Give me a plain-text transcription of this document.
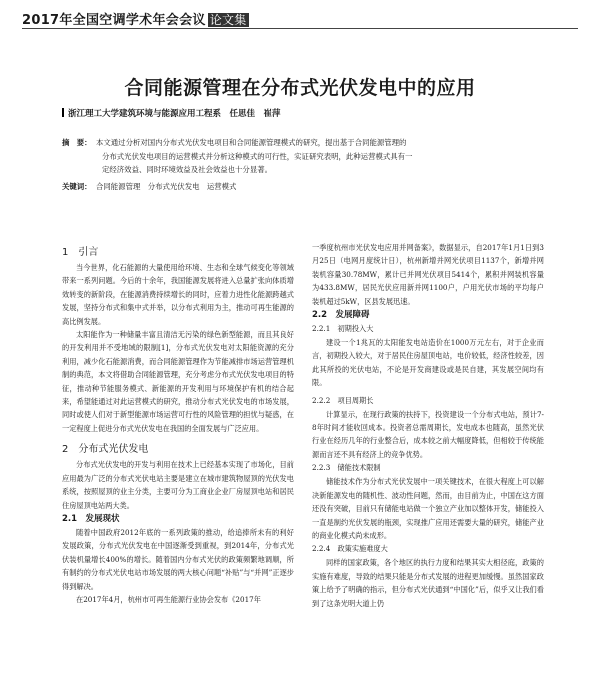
2017年全国空调学术年会会议 论文集
合同能源管理在分布式光伏发电中的应用
浙江理工大学建筑环境与能源应用工程系　任思佳　崔萍
摘　要： 本文通过分析对国内分布式光伏发电项目和合同能源管理模式的研究，提出基于合同能源管理的
分布式光伏发电项目的运营模式并分析这种模式的可行性，实证研究表明，此种运营模式具有一
定经济效益、同时环境效益及社会效益也十分显著。
关键词： 合同能源管理　分布式光伏发电　运营模式

1　引言

当今世界，化石能源的大量使用给环境、生态和全球气候变化等领域带来一系列问题。今后的十余年，我国能源发展将进入总量扩张向体质增效转变的新阶段，在能源消费持续增长的同时，应着力进性化能源跨越式发展，坚持分布式和集中式并举，以分布式利用为主，推动可再生能源的高比例发展。

太阳能作为一种储量丰富且清洁无污染的绿色新型能源，而且其良好的开发利用并不受地域的限制[1]，分布式光伏发电对太阳能资源的充分利用，减少化石能源消费，而合同能源管理作为节能减排市场运营管理机制的典范，本文将借助合同能源管理，充分考虑分布式光伏发电项目的特征，推动种节能服务模式、新能源的开发利用与环境保护有机的结合起来，希望能通过对此运营模式的研究，推动分布式光伏发电的市场发展，同时或使人们对于新型能源市场运营可行性的风险管理的担忧与疑惑，在一定程度上促进分布式光伏发电在我国的全面发展与广泛应用。

2　分布式光伏发电

分布式光伏发电的开发与利用在技术上已经基本实现了市场化，目前应用最为广泛的分布式光伏电站主要是建立在城市建筑物屋顶的光伏发电系统，按照屋顶的业主分类，主要可分为工商业企业厂房屋顶电站和居民住房屋顶电站两大类。

2.1　发展现状

随着中国政府2012年底的一系列政策的推动，给追捧所未有的利好发展政策，分布式光伏发电在中国逐渐受到重视，到2014年，分布式光伏装机量增长400%的增长。随着国内分布式光伏的政策频繁地调顺，所有制约的分布式光伏电站市场发展的两大核心问题“补贴”与“并网”正逐步得到解决。

在2017年4月，杭州市可再生能源行业协会发布《2017年

一季度杭州市光伏发电应用并网备案》，数据显示，自2017年1月1日到3月25日（电网月度统计日），杭州新增并网光伏项目1137个，新增并网装机容量30.78MW，累计已并网光伏项目5414个，累积并网装机容量为433.8MW，居民光伏应用新并网1100户，户用光伏市场的平均每户装机超过5kW，区县发展迅速。

2.2　发展障碍

2.2.1　初期投入大

建设一个1兆瓦的太阳能发电站造价在1000万元左右，对于企业而言，初期投入较大，对于居民住房屋顶电站，电价较低，经济性较差，因此其所投的光伏电站，不论是开发商建设或是民自建，其发展空间均有限。

2.2.2　项目周期长

计算显示，在现行政策的扶持下，投资建设一个分布式电站，预计7-8年时间才能收回成本。投资者总需周期长，发电成本也随高，虽然光伏行业在经历几年的行业整合后，成本较之前大幅度降低，但相较于传统能源而言还不具有经济上的竞争优势。

2.2.3　储能技术限制

储能技术作为分布式光伏发展中一项关键技术，在很大程度上可以解决新能源发电的随机性、波动性问题，然而，由目前为止，中国在这方面还没有突破，目前只有储能电站做一个独立产业加以整体开发，储能投入一直是制约光伏发展的瓶颈，实现推广应用还需要大量的研究，储能产业的商业化模式尚未成形。

2.2.4　政策实施难度大

同样的国家政策，各个地区的执行力度和结果其实大相径庭，政策的实施有难度，导致的结果只能是分布式发展的进程更加缓慢。虽然国家政策上给予了明确的指示，但分布式光伏通到“中国化”后，似乎又让我们看到了这条光明大道上仍
